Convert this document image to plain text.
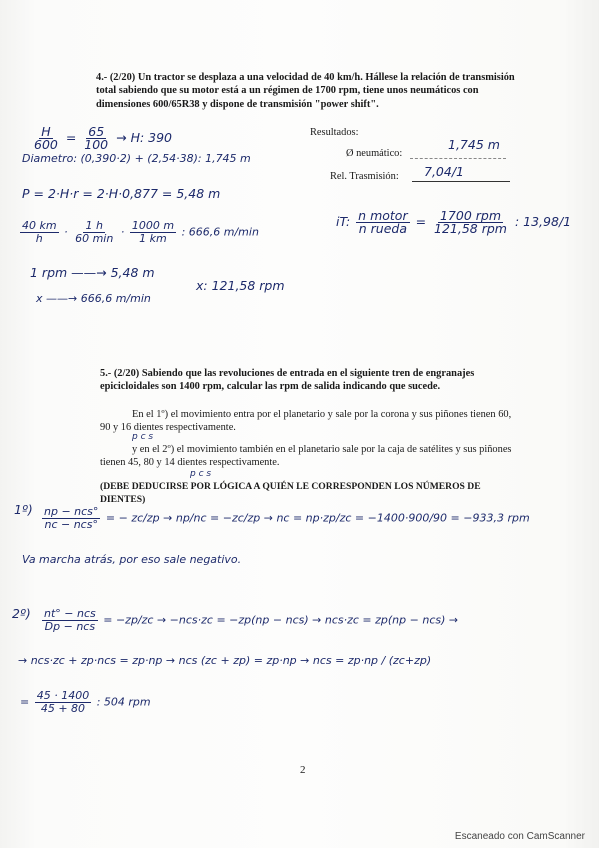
4.- (2/20) Un tractor se desplaza a una velocidad de 40 km/h. Hállese la relación de transmisión total sabiendo que su motor está a un régimen de 1700 rpm, tiene unos neumáticos con dimensiones 600/65R38 y dispone de transmisión "power shift".
$\frac{H}{600} = \frac{65}{100} \to H$: 390	Resultados:
Ø neumático:
1,745 m
Rel. Trasmisión: 7,04/1
Diametro: (0,390·2) + (2,54·38): 1,745 m
P = 2·H·r = 2·H·0,877 = 5,48 m
$\frac{40 km}{h} \cdot \frac{1 h}{60 \min} \cdot \frac{1000 m}{1 km}$ : 666,6 m/min
iT: $\frac{\text{n motor}}{\text{n rueda}} = \frac{\text{1700 rpm}}{\text{121,58 rpm}}$ : 13,98/1
1 rpm ——→ 5,48 m
x ——→ 666,6 m/min
x: 121,58 rpm
5.- (2/20) Sabiendo que las revoluciones de entrada en el siguiente tren de engranajes epicicloidales son 1400 rpm, calcular las rpm de salida indicando que sucede.
En el 1º) el movimiento entra por el planetario y sale por la corona y sus piñones tienen 60, 90 y 16 dientes respectivamente.
p c s
y en el 2º) el movimiento también en el planetario sale por la caja de satélites y sus piñones tienen 45, 80 y 14 dientes respectivamente.
p c s
(DEBE DEDUCIRSE POR LÓGICA A QUIÉN LE CORRESPONDEN LOS NÚMEROS DE DIENTES)
1º) $\frac{\text{np − ncs°}}{\text{nc − ncs°}}$ = − zc/zp → np/nc = −zc/zp → nc = np·zp/zc = −1400·900/90 = −933,3 rpm
Va marcha atrás, por eso sale negativo.
2º) $\frac{\text{nt° − ncs}}{\text{Dp − ncs}} = -zp/zc \to -ncs\cdot zc = -zp(np - ncs) \to ncs\cdot zc = zp(np - ncs)$ →
→ ncs·zc + zp·ncs = zp·np → ncs (zc + zp) = zp·np → ncs = zp·np / (zc+zp)
= $\frac{45 \cdot 1400}{45 + 80}$ : 504 rpm
2
Escaneado con CamScanner
